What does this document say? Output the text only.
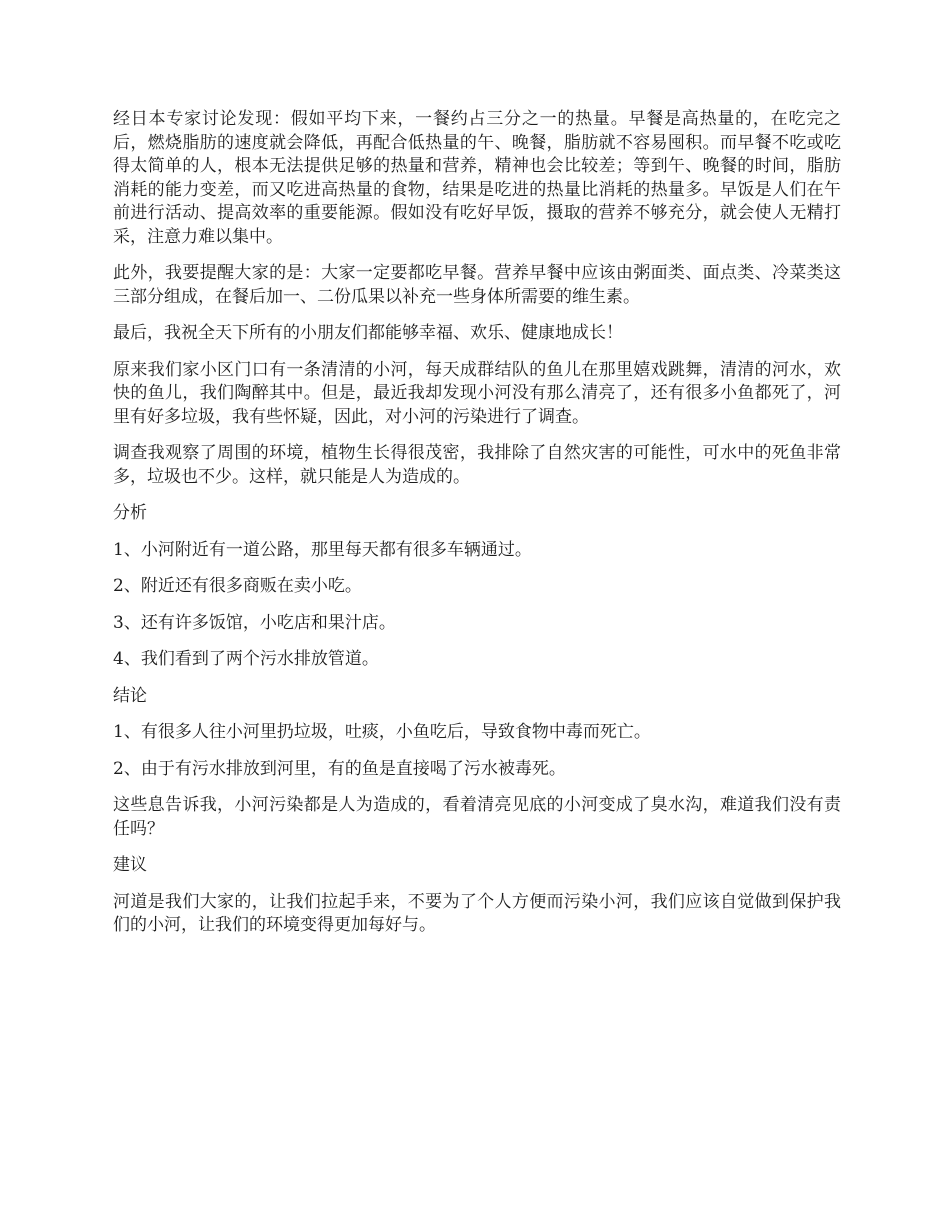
经日本专家讨论发现：假如平均下来，一餐约占三分之一的热量。早餐是高热量的，在吃完之后，燃烧脂肪的速度就会降低，再配合低热量的午、晚餐，脂肪就不容易囤积。而早餐不吃或吃得太简单的人，根本无法提供足够的热量和营养，精神也会比较差；等到午、晚餐的时间，脂肪消耗的能力变差，而又吃进高热量的食物，结果是吃进的热量比消耗的热量多。早饭是人们在午前进行活动、提高效率的重要能源。假如没有吃好早饭，摄取的营养不够充分，就会使人无精打采，注意力难以集中。

此外，我要提醒大家的是：大家一定要都吃早餐。营养早餐中应该由粥面类、面点类、冷菜类这三部分组成，在餐后加一、二份瓜果以补充一些身体所需要的维生素。

最后，我祝全天下所有的小朋友们都能够幸福、欢乐、健康地成长！

原来我们家小区门口有一条清清的小河，每天成群结队的鱼儿在那里嬉戏跳舞，清清的河水，欢快的鱼儿，我们陶醉其中。但是，最近我却发现小河没有那么清亮了，还有很多小鱼都死了，河里有好多垃圾，我有些怀疑，因此，对小河的污染进行了调查。

调查我观察了周围的环境，植物生长得很茂密，我排除了自然灾害的可能性，可水中的死鱼非常多，垃圾也不少。这样，就只能是人为造成的。

分析

1、小河附近有一道公路，那里每天都有很多车辆通过。

2、附近还有很多商贩在卖小吃。

3、还有许多饭馆，小吃店和果汁店。

4、我们看到了两个污水排放管道。

结论

1、有很多人往小河里扔垃圾，吐痰，小鱼吃后，导致食物中毒而死亡。

2、由于有污水排放到河里，有的鱼是直接喝了污水被毒死。

这些息告诉我，小河污染都是人为造成的，看着清亮见底的小河变成了臭水沟，难道我们没有责任吗？

建议

河道是我们大家的，让我们拉起手来，不要为了个人方便而污染小河，我们应该自觉做到保护我们的小河，让我们的环境变得更加每好与。
